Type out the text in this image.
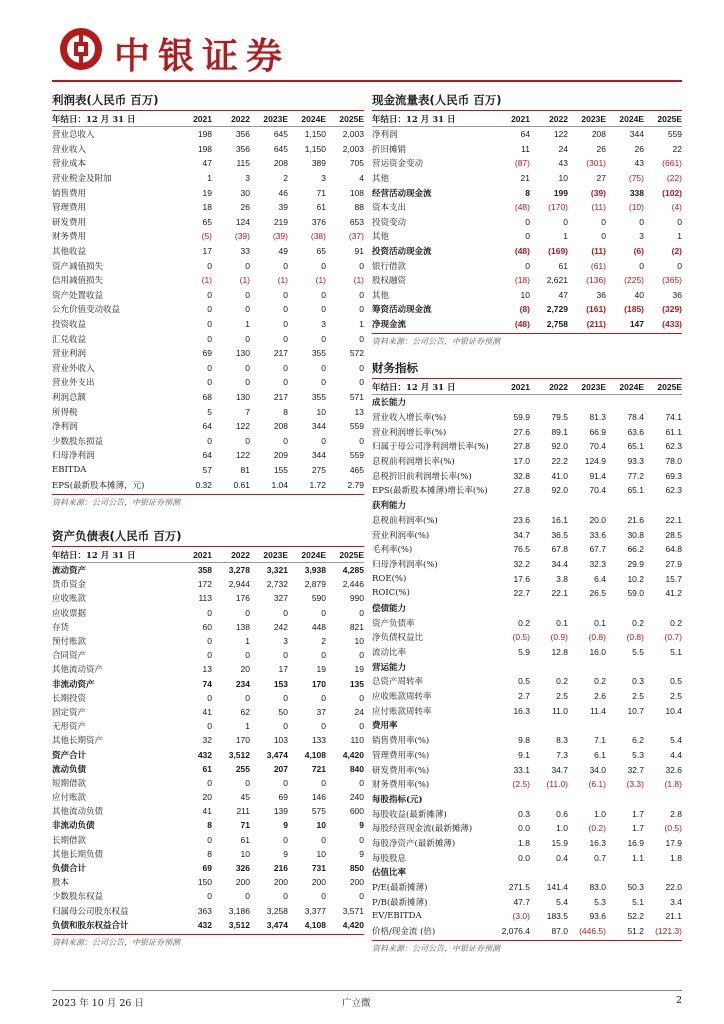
中银证券
利润表(人民币 百万)
年结日：12 月 31 日	2021	2022	2023E	2024E	2025E
营业总收入	198	356	645	1,150	2,003
营业收入	198	356	645	1,150	2,003
营业成本	47	115	208	389	705
营业税金及附加	1	3	2	3	4
销售费用	19	30	46	71	108
管理费用	18	26	39	61	88
研发费用	65	124	219	376	653
财务费用	(5)	(39)	(39)	(38)	(37)
其他收益	17	33	49	65	91
资产减值损失	0	0	0	0	0
信用减值损失	(1)	(1)	(1)	(1)	(1)
资产处置收益	0	0	0	0	0
公允价值变动收益	0	0	0	0	0
投资收益	0	1	0	3	1
汇兑收益	0	0	0	0	0
营业利润	69	130	217	355	572
营业外收入	0	0	0	0	0
营业外支出	0	0	0	0	0
利润总额	68	130	217	355	571
所得税	5	7	8	10	13
净利润	64	122	208	344	559
少数股东损益	0	0	0	0	0
归母净利润	64	122	209	344	559
EBITDA	57	81	155	275	465
EPS(最新股本摊薄，元)	0.32	0.61	1.04	1.72	2.79
资料来源：公司公告，中银证券预测
资产负债表(人民币 百万)
年结日：12 月 31 日	2021	2022	2023E	2024E	2025E
流动资产	358	3,278	3,321	3,938	4,285
货币资金	172	2,944	2,732	2,879	2,446
应收账款	113	176	327	590	990
应收票据	0	0	0	0	0
存货	60	138	242	448	821
预付账款	0	1	3	2	10
合同资产	0	0	0	0	0
其他流动资产	13	20	17	19	19
非流动资产	74	234	153	170	135
长期投资	0	0	0	0	0
固定资产	41	62	50	37	24
无形资产	0	1	0	0	0
其他长期资产	32	170	103	133	110
资产合计	432	3,512	3,474	4,108	4,420
流动负债	61	255	207	721	840
短期借款	0	0	0	0	0
应付账款	20	45	69	146	240
其他流动负债	41	211	139	575	600
非流动负债	8	71	9	10	9
长期借款	0	61	0	0	0
其他长期负债	8	10	9	10	9
负债合计	69	326	216	731	850
股本	150	200	200	200	200
少数股东权益	0	0	0	0	0
归属母公司股东权益	363	3,186	3,258	3,377	3,571
负债和股东权益合计	432	3,512	3,474	4,108	4,420
资料来源：公司公告，中银证券预测
现金流量表(人民币 百万)
年结日：12 月 31 日	2021	2022	2023E	2024E	2025E
净利润	64	122	208	344	559
折旧摊销	11	24	26	26	22
营运资金变动	(87)	43	(301)	43	(661)
其他	21	10	27	(75)	(22)
经营活动现金流	8	199	(39)	338	(102)
资本支出	(48)	(170)	(11)	(10)	(4)
投资变动	0	0	0	0	0
其他	0	1	0	3	1
投资活动现金流	(48)	(169)	(11)	(6)	(2)
银行借款	0	61	(61)	0	0
股权融资	(18)	2,621	(136)	(225)	(365)
其他	10	47	36	40	36
筹资活动现金流	(8)	2,729	(161)	(185)	(329)
净现金流	(48)	2,758	(211)	147	(433)
资料来源：公司公告，中银证券预测
财务指标
年结日：12 月 31 日	2021	2022	2023E	2024E	2025E
成长能力					
营业收入增长率(%)	59.9	79.5	81.3	78.4	74.1
营业利润增长率(%)	27.6	89.1	66.9	63.6	61.1
归属于母公司净利润增长率(%)	27.8	92.0	70.4	65.1	62.3
息税前利润增长率(%)	17.0	22.2	124.9	93.3	78.0
息税折旧前利润增长率(%)	32.8	41.0	91.4	77.2	69.3
EPS(最新股本摊薄)增长率(%)	27.8	92.0	70.4	65.1	62.3
获利能力					
息税前利润率(%)	23.6	16.1	20.0	21.6	22.1
营业利润率(%)	34.7	36.5	33.6	30.8	28.5
毛利率(%)	76.5	67.8	67.7	66.2	64.8
归母净利润率(%)	32.2	34.4	32.3	29.9	27.9
ROE(%)	17.6	3.8	6.4	10.2	15.7
ROIC(%)	22.7	22.1	26.5	59.0	41.2
偿债能力					
资产负债率	0.2	0.1	0.1	0.2	0.2
净负债权益比	(0.5)	(0.9)	(0.8)	(0.8)	(0.7)
流动比率	5.9	12.8	16.0	5.5	5.1
营运能力					
总资产周转率	0.5	0.2	0.2	0.3	0.5
应收账款周转率	2.7	2.5	2.6	2.5	2.5
应付账款周转率	16.3	11.0	11.4	10.7	10.4
费用率					
销售费用率(%)	9.8	8.3	7.1	6.2	5.4
管理费用率(%)	9.1	7.3	6.1	5.3	4.4
研发费用率(%)	33.1	34.7	34.0	32.7	32.6
财务费用率(%)	(2.5)	(11.0)	(6.1)	(3.3)	(1.8)
每股指标(元)					
每股收益(最新摊薄)	0.3	0.6	1.0	1.7	2.8
每股经营现金流(最新摊薄)	0.0	1.0	(0.2)	1.7	(0.5)
每股净资产(最新摊薄)	1.8	15.9	16.3	16.9	17.9
每股股息	0.0	0.4	0.7	1.1	1.8
估值比率					
P/E(最新摊薄)	271.5	141.4	83.0	50.3	22.0
P/B(最新摊薄)	47.7	5.4	5.3	5.1	3.4
EV/EBITDA	(3.0)	183.5	93.6	52.2	21.1
价格/现金流 (倍)	2,076.4	87.0	(446.5)	51.2	(121.3)
资料来源：公司公告，中银证券预测
2023 年 10 月 26 日	广立微	2
